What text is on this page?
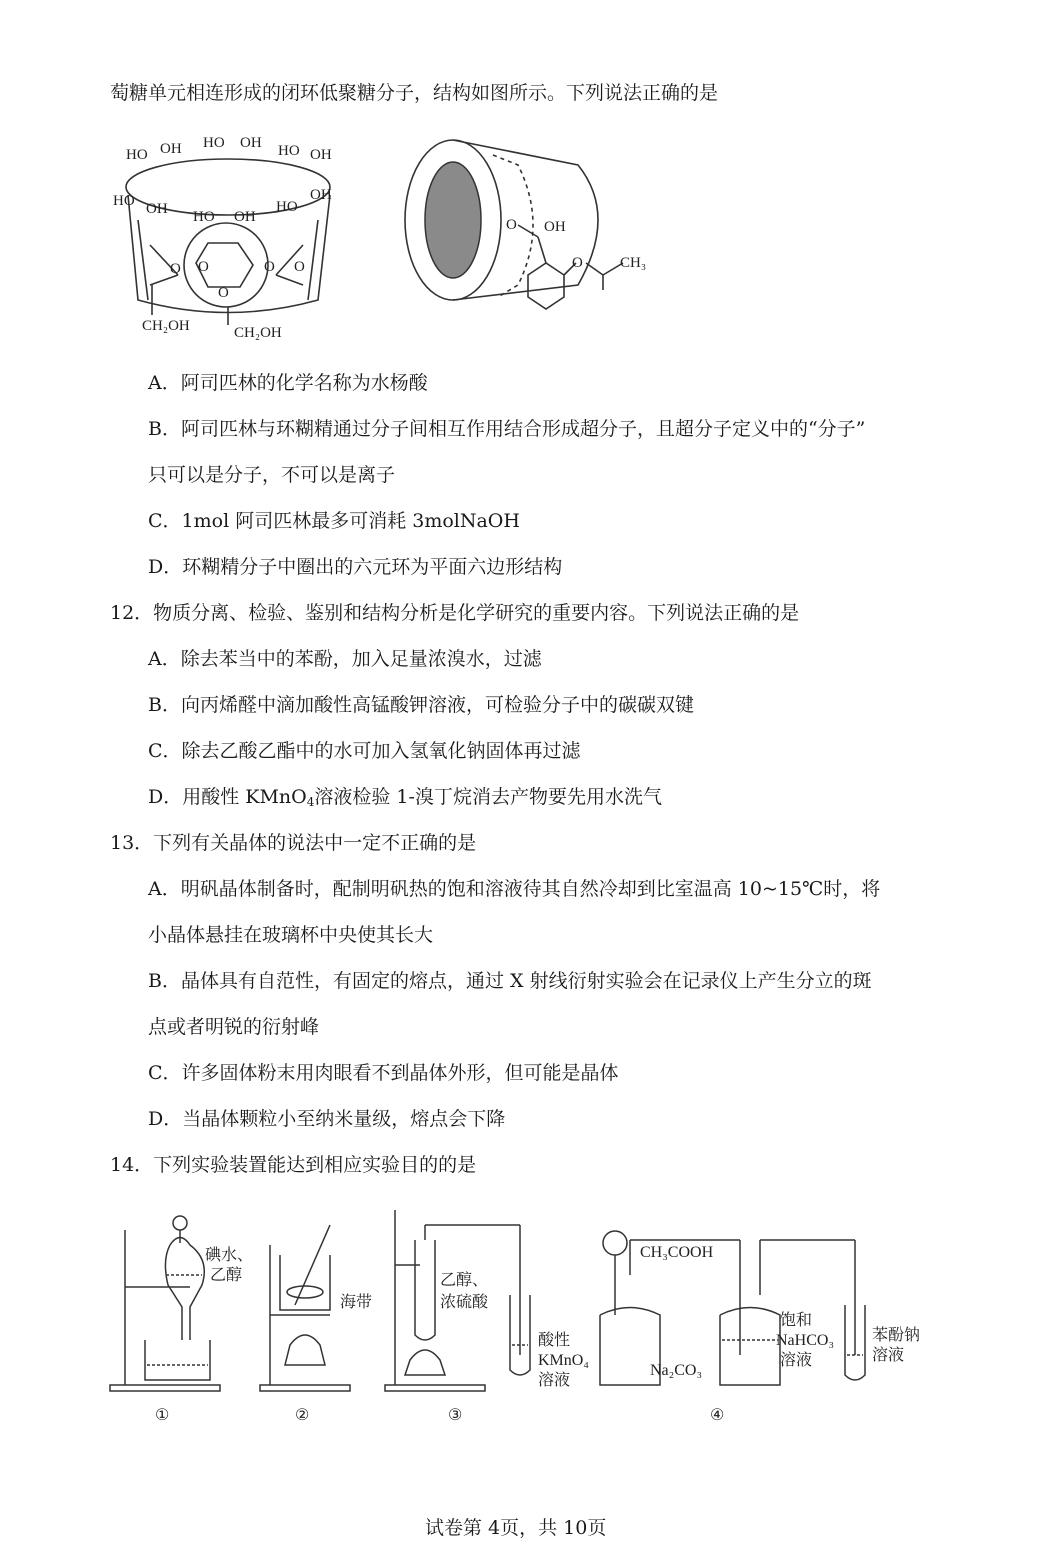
萄糖单元相连形成的闭环低聚糖分子，结构如图所示。下列说法正确的是
HO OH HO OH HO OH
HO OH HO OH
HO
OH
CH₂OH	CH₂OH
O O
O
O O
OH
O
CH₃
O
A．阿司匹林的化学名称为水杨酸
B．阿司匹林与环糊精通过分子间相互作用结合形成超分子，且超分子定义中的“分子”
只可以是分子，不可以是离子
C．1mol 阿司匹林最多可消耗 3molNaOH
D．环糊精分子中圈出的六元环为平面六边形结构
12．物质分离、检验、鉴别和结构分析是化学研究的重要内容。下列说法正确的是
A．除去苯当中的苯酚，加入足量浓溴水，过滤
B．向丙烯醛中滴加酸性高锰酸钾溶液，可检验分子中的碳碳双键
C．除去乙酸乙酯中的水可加入氢氧化钠固体再过滤
D．用酸性 KMnO$_4$溶液检验 1-溴丁烷消去产物要先用水洗气
13．下列有关晶体的说法中一定不正确的是
A．明矾晶体制备时，配制明矾热的饱和溶液待其自然冷却到比室温高 10~15℃时，将
小晶体悬挂在玻璃杯中央使其长大
B．晶体具有自范性，有固定的熔点，通过 X 射线衍射实验会在记录仪上产生分立的斑
点或者明锐的衍射峰
C．许多固体粉末用肉眼看不到晶体外形，但可能是晶体
D．当晶体颗粒小至纳米量级，熔点会下降
14．下列实验装置能达到相应实验目的的是
碘水、
乙醇
①
海带
②
乙醇、
浓硫酸
酸性
KMnO₄
溶液
③
CH₃COOH
Na₂CO₃
饱和
NaHCO₃
溶液
苯酚钠
溶液
④
试卷第 4页，共 10页
